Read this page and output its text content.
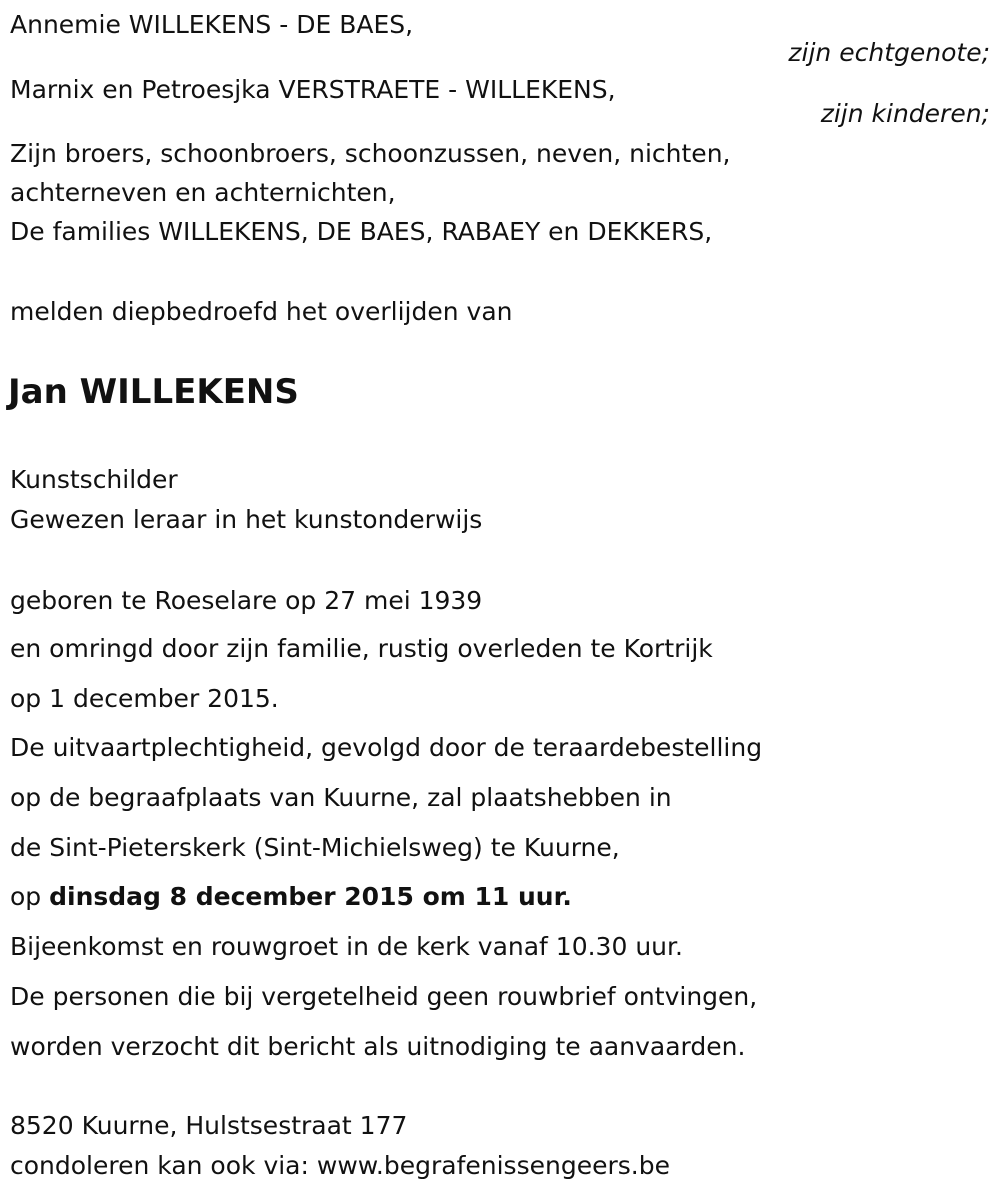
Annemie WILLEKENS - DE BAES,
zijn echtgenote;
Marnix en Petroesjka VERSTRAETE - WILLEKENS,
zijn kinderen;
Zijn broers, schoonbroers, schoonzussen, neven, nichten,
achterneven en achternichten,
De families WILLEKENS, DE BAES, RABAEY en DEKKERS,
melden diepbedroefd het overlijden van
Jan WILLEKENS
Kunstschilder
Gewezen leraar in het kunstonderwijs
geboren te Roeselare op 27 mei 1939
en omringd door zijn familie, rustig overleden te Kortrijk
op 1 december 2015.
De uitvaartplechtigheid, gevolgd door de teraardebestelling
op de begraafplaats van Kuurne, zal plaatshebben in
de Sint-Pieterskerk (Sint-Michielsweg) te Kuurne,
op dinsdag 8 december 2015 om 11 uur.
Bijeenkomst en rouwgroet in de kerk vanaf 10.30 uur.
De personen die bij vergetelheid geen rouwbrief ontvingen,
worden verzocht dit bericht als uitnodiging te aanvaarden.
8520 Kuurne, Hulstsestraat 177
condoleren kan ook via: www.begrafenissengeers.be
